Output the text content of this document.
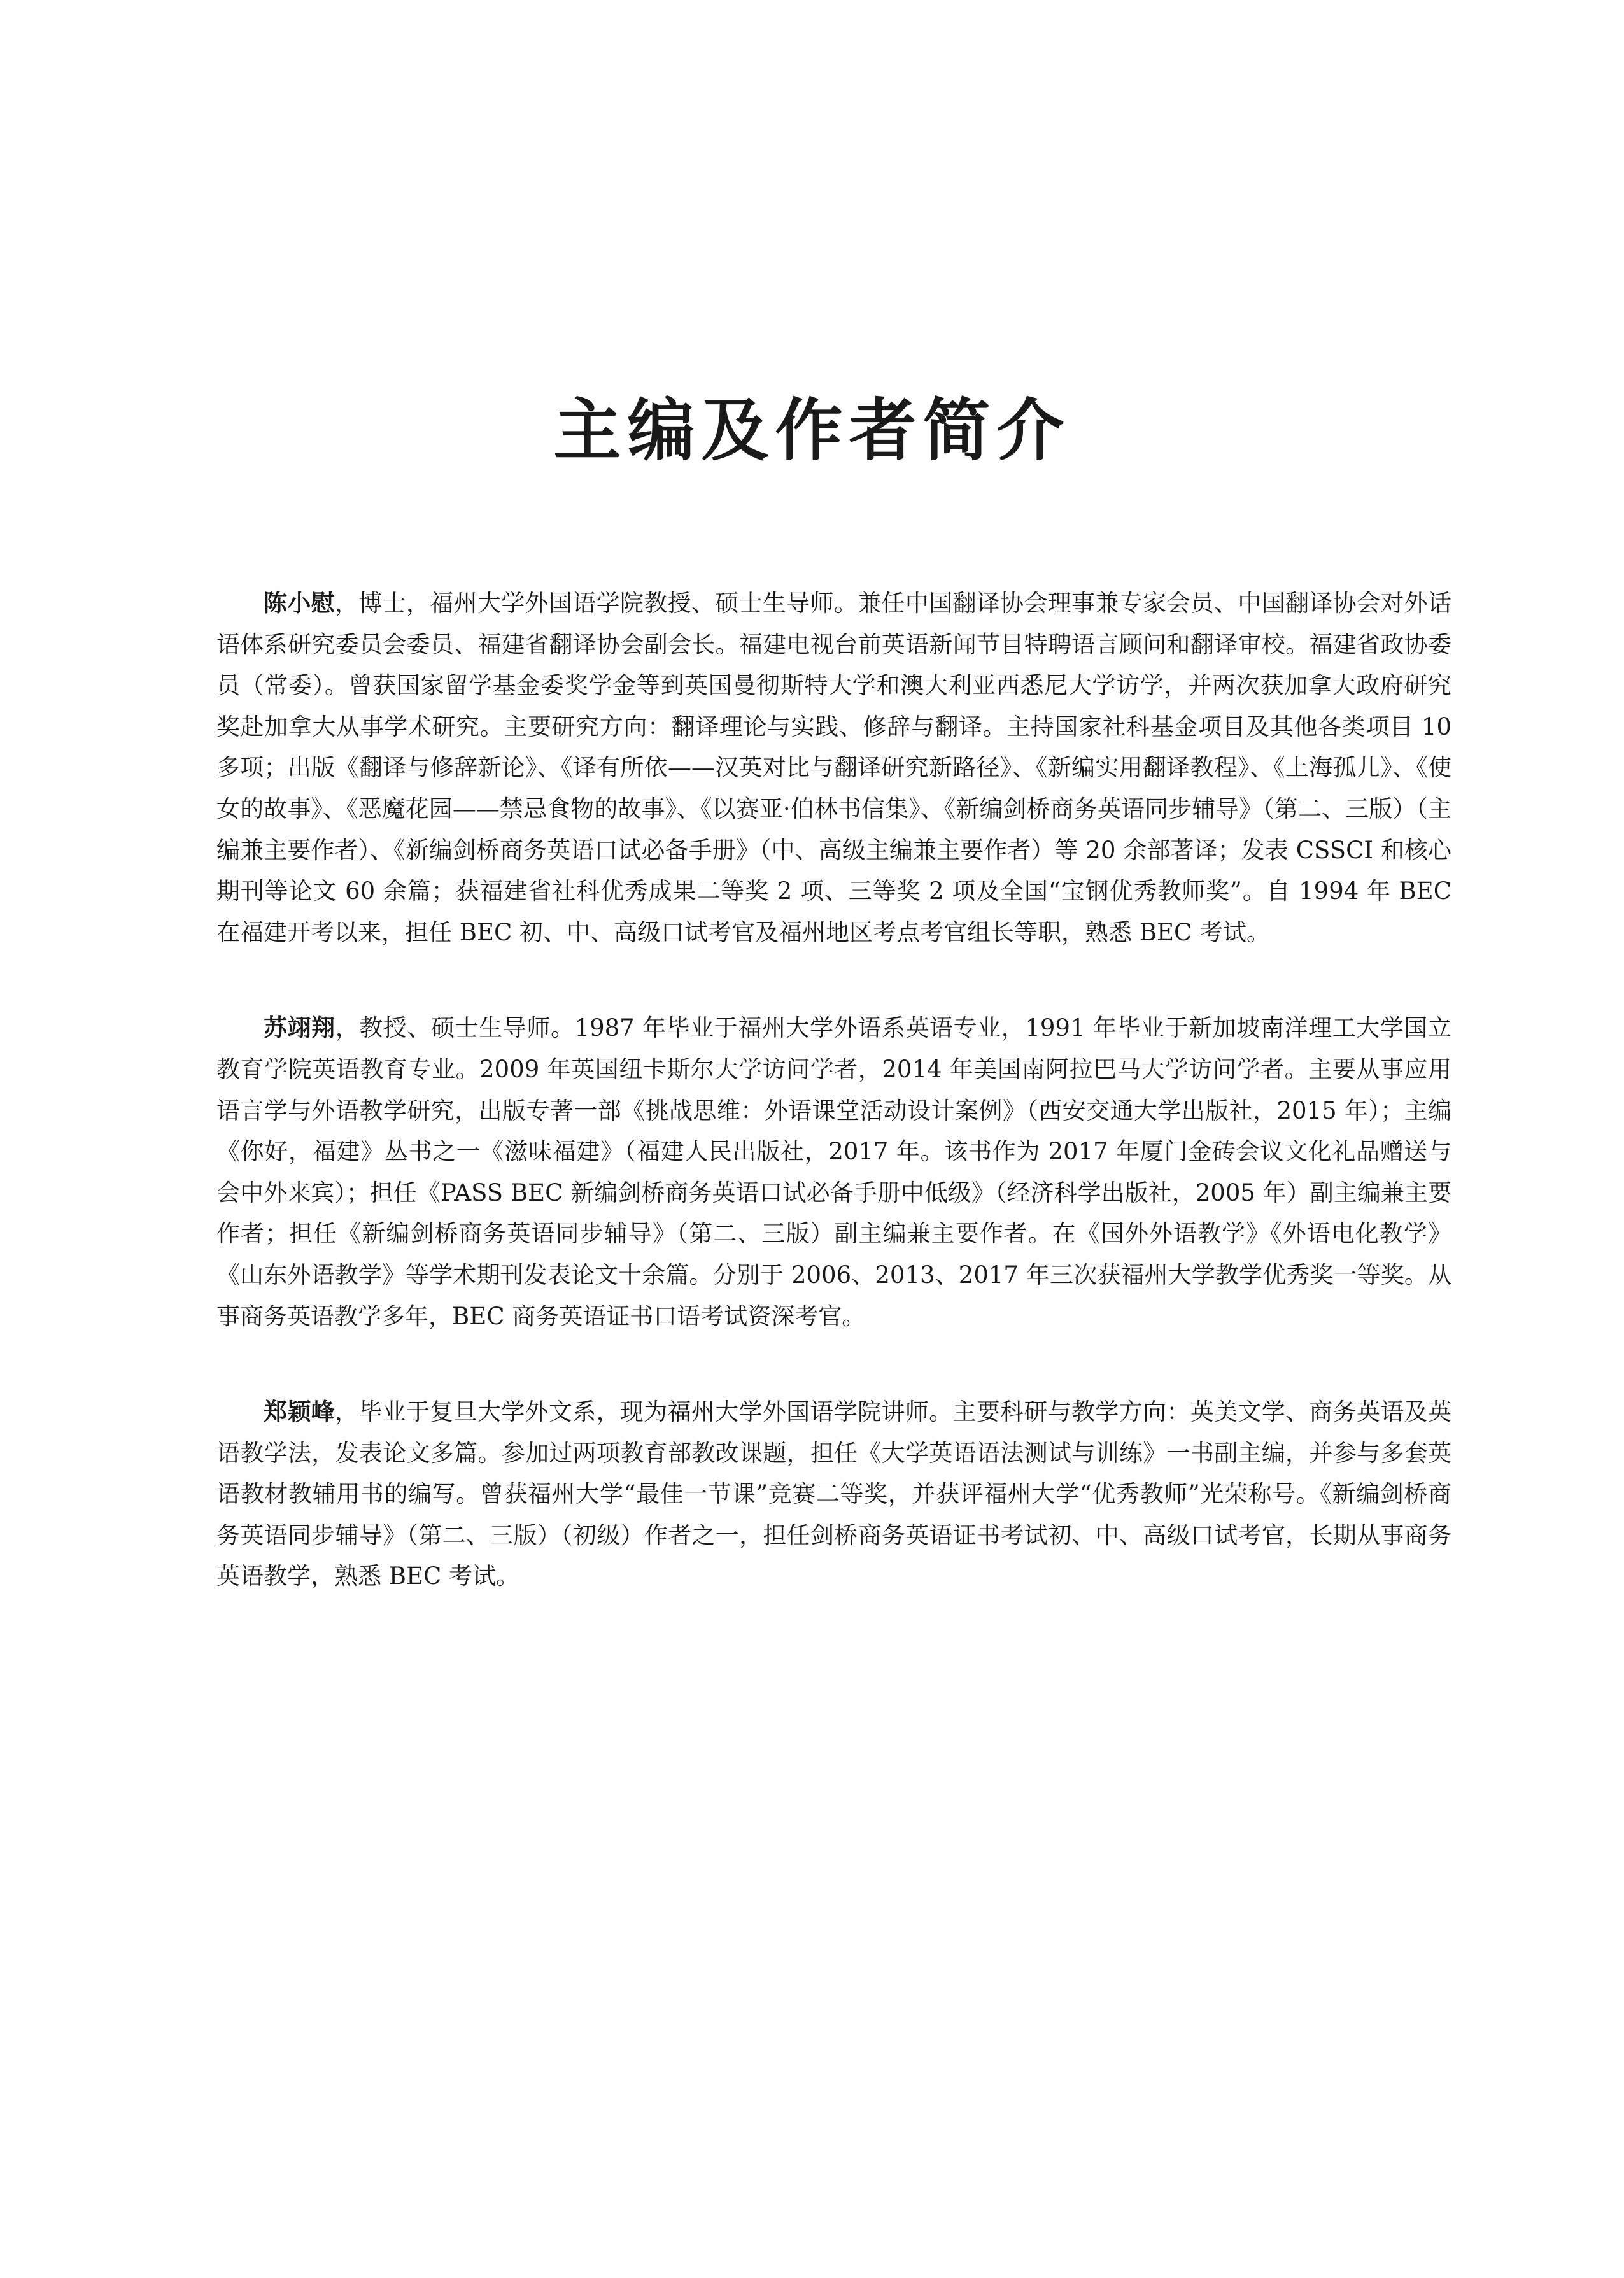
主编及作者简介

陈小慰，博士，福州大学外国语学院教授、硕士生导师。兼任中国翻译协会理事兼专家会员、中国翻译协会对外话语体系研究委员会委员、福建省翻译协会副会长。福建电视台前英语新闻节目特聘语言顾问和翻译审校。福建省政协委员（常委）。曾获国家留学基金委奖学金等到英国曼彻斯特大学和澳大利亚西悉尼大学访学，并两次获加拿大政府研究奖赴加拿大从事学术研究。主要研究方向：翻译理论与实践、修辞与翻译。主持国家社科基金项目及其他各类项目 10 多项；出版《翻译与修辞新论》、《译有所依——汉英对比与翻译研究新路径》、《新编实用翻译教程》、《上海孤儿》、《使女的故事》、《恶魔花园——禁忌食物的故事》、《以赛亚·伯林书信集》、《新编剑桥商务英语同步辅导》（第二、三版）（主编兼主要作者）、《新编剑桥商务英语口试必备手册》（中、高级主编兼主要作者）等 20 余部著译；发表 CSSCI 和核心期刊等论文 60 余篇；获福建省社科优秀成果二等奖 2 项、三等奖 2 项及全国“宝钢优秀教师奖”。自 1994 年 BEC 在福建开考以来，担任 BEC 初、中、高级口试考官及福州地区考点考官组长等职，熟悉 BEC 考试。

苏翊翔，教授、硕士生导师。1987 年毕业于福州大学外语系英语专业，1991 年毕业于新加坡南洋理工大学国立教育学院英语教育专业。2009 年英国纽卡斯尔大学访问学者，2014 年美国南阿拉巴马大学访问学者。主要从事应用语言学与外语教学研究，出版专著一部《挑战思维：外语课堂活动设计案例》（西安交通大学出版社，2015 年）；主编《你好，福建》丛书之一《滋味福建》（福建人民出版社，2017 年。该书作为 2017 年厦门金砖会议文化礼品赠送与会中外来宾）；担任《PASS BEC 新编剑桥商务英语口试必备手册中低级》（经济科学出版社，2005 年）副主编兼主要作者；担任《新编剑桥商务英语同步辅导》（第二、三版）副主编兼主要作者。在《国外外语教学》《外语电化教学》《山东外语教学》等学术期刊发表论文十余篇。分别于 2006、2013、2017 年三次获福州大学教学优秀奖一等奖。从事商务英语教学多年，BEC 商务英语证书口语考试资深考官。

郑颖峰，毕业于复旦大学外文系，现为福州大学外国语学院讲师。主要科研与教学方向：英美文学、商务英语及英语教学法，发表论文多篇。参加过两项教育部教改课题，担任《大学英语语法测试与训练》一书副主编，并参与多套英语教材教辅用书的编写。曾获福州大学“最佳一节课”竞赛二等奖，并获评福州大学“优秀教师”光荣称号。《新编剑桥商务英语同步辅导》（第二、三版）（初级）作者之一，担任剑桥商务英语证书考试初、中、高级口试考官，长期从事商务英语教学，熟悉 BEC 考试。
